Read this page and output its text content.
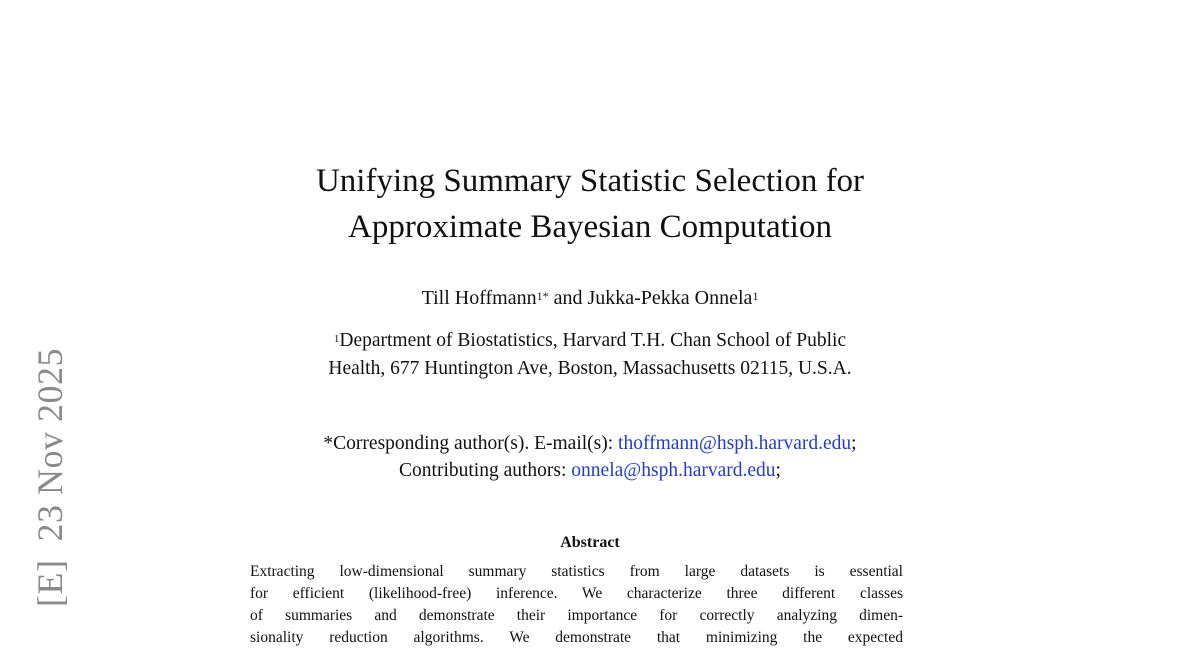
[E]
23 Nov 2025
Unifying Summary Statistic Selection for
Approximate Bayesian Computation
Till Hoffmann$^{1*}$ and Jukka-Pekka Onnela$^1$
$^1$Department of Biostatistics, Harvard T.H. Chan School of Public
Health, 677 Huntington Ave, Boston, Massachusetts 02115, U.S.A.
*Corresponding author(s). E-mail(s): thoffmann@hsph.harvard.edu;
Contributing authors: onnela@hsph.harvard.edu;
Abstract
Extracting low-dimensional summary statistics from large datasets is essential
for efficient (likelihood-free) inference. We characterize three different classes
of summaries and demonstrate their importance for correctly analyzing dimen-
sionality reduction algorithms. We demonstrate that minimizing the expected
